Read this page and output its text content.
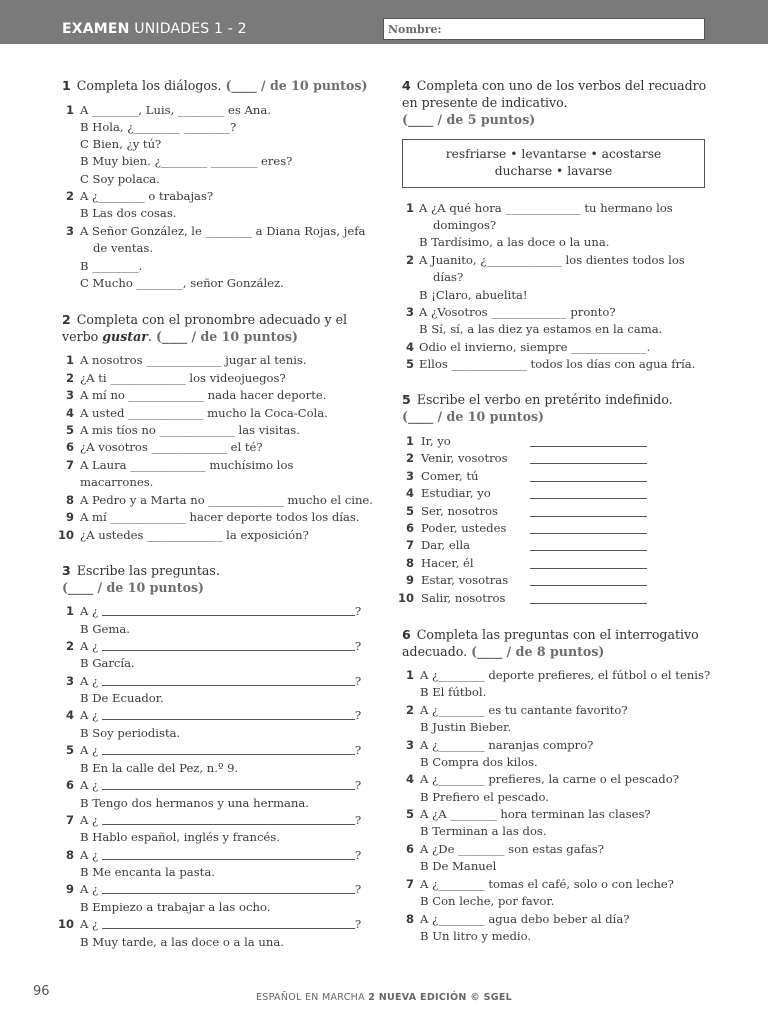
EXAMEN UNIDADES 1 - 2	Nombre:
1 Completa los diálogos. (____ / de 10 puntos)
1 A ________, Luis, ________ es Ana.
B Hola, ¿________ ________?
C Bien, ¿y tú?
B Muy bien. ¿________ ________ eres?
C Soy polaca.
2 A ¿________ o trabajas?
B Las dos cosas.
3 A Señor González, le ________ a Diana Rojas, jefa
de ventas.
B ________.
C Mucho ________, señor González.
2 Completa con el pronombre adecuado y el
verbo gustar. (____ / de 10 puntos)
1 A nosotros _____________ jugar al tenis.
2 ¿A ti _____________ los videojuegos?
3 A mí no _____________ nada hacer deporte.
4 A usted _____________ mucho la Coca-Cola.
5 A mis tíos no _____________ las visitas.
6 ¿A vosotros _____________ el té?
7 A Laura _____________ muchísimo los
macarrones.
8 A Pedro y a Marta no _____________ mucho el cine.
9 A mí _____________ hacer deporte todos los días.
10 ¿A ustedes _____________ la exposición?
3 Escribe las preguntas.
(____ / de 10 puntos)
1 A ¿	?
B Gema.
2 A ¿	?
B García.
3 A ¿	?
B De Ecuador.
4 A ¿	?
B Soy periodista.
5 A ¿	?
B En la calle del Pez, n.º 9.
6 A ¿	?
B Tengo dos hermanos y una hermana.
7 A ¿	?
B Hablo español, inglés y francés.
8 A ¿	?
B Me encanta la pasta.
9 A ¿	?
B Empiezo a trabajar a las ocho.
10 A ¿	?
B Muy tarde, a las doce o a la una.
4 Completa con uno de los verbos del recuadro
en presente de indicativo.
(____ / de 5 puntos)
resfriarse • levantarse • acostarse
ducharse • lavarse
1 A ¿A qué hora _____________ tu hermano los
domingos?
B Tardísimo, a las doce o la una.
2 A Juanito, ¿_____________ los dientes todos los
días?
B ¡Claro, abuelita!
3 A ¿Vosotros _____________ pronto?
B Sí, sí, a las diez ya estamos en la cama.
4 Odio el invierno, siempre _____________.
5 Ellos _____________ todos los días con agua fría.
5 Escribe el verbo en pretérito indefinido.
(____ / de 10 puntos)
1 Ir, yo
2 Venir, vosotros
3 Comer, tú
4 Estudiar, yo
5 Ser, nosotros
6 Poder, ustedes
7 Dar, ella
8 Hacer, él
9 Estar, vosotras
10 Salir, nosotros
6 Completa las preguntas con el interrogativo
adecuado. (____ / de 8 puntos)
1 A ¿________ deporte prefieres, el fútbol o el tenis?
B El fútbol.
2 A ¿________ es tu cantante favorito?
B Justin Bieber.
3 A ¿________ naranjas compro?
B Compra dos kilos.
4 A ¿________ prefieres, la carne o el pescado?
B Prefiero el pescado.
5 A ¿A ________ hora terminan las clases?
B Terminan a las dos.
6 A ¿De ________ son estas gafas?
B De Manuel
7 A ¿________ tomas el café, solo o con leche?
B Con leche, por favor.
8 A ¿________ agua debo beber al día?
B Un litro y medio.
96	ESPAÑOL EN MARCHA 2 NUEVA EDICIÓN © SGEL
